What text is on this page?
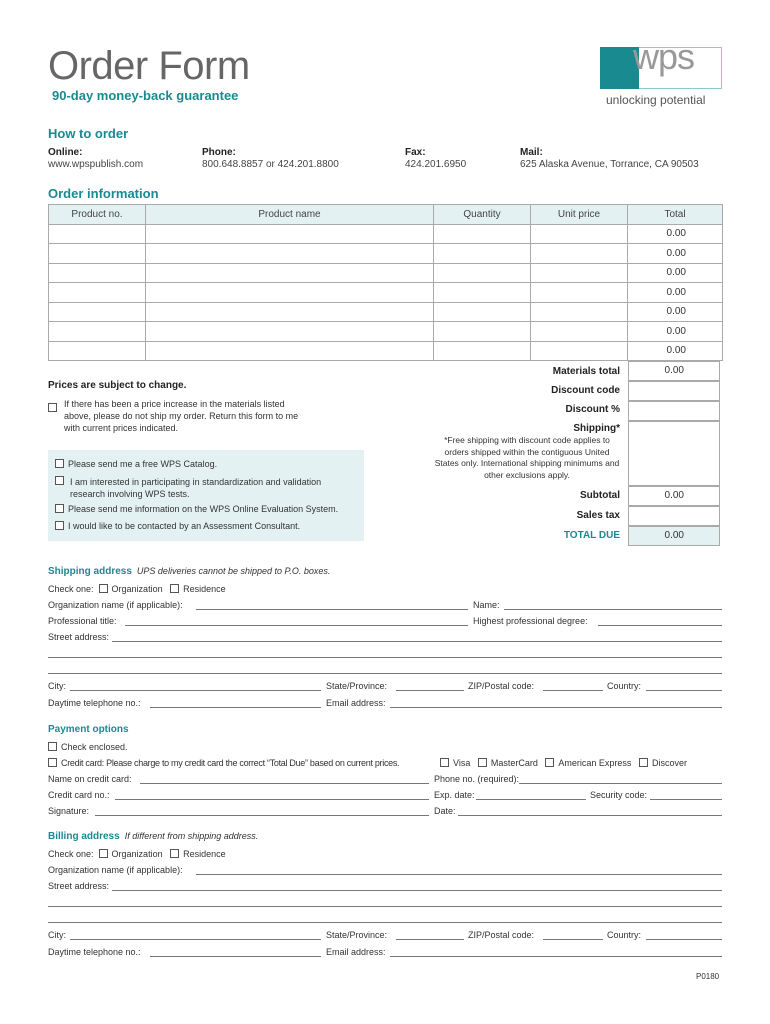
Order Form
90-day money-back guarantee
wps
unlocking potential
How to order
Online:
www.wpspublish.com
Phone:
800.648.8857 or 424.201.8800
Fax:
424.201.6950
Mail:
625 Alaska Avenue, Torrance, CA 90503
Order information
Product no.	Product name	Quantity	Unit price	Total
				0.00
				0.00
				0.00
				0.00
				0.00
				0.00
				0.00
Materials total	0.00
Discount code
Discount %
Shipping*
*Free shipping with discount code applies to orders shipped within the contiguous United States only. International shipping minimums and other exclusions apply.
Subtotal	0.00
Sales tax
TOTAL DUE	0.00
Prices are subject to change.
If there has been a price increase in the materials listed above, please do not ship my order. Return this form to me with current prices indicated.
Please send me a free WPS Catalog.
I am interested in participating in standardization and validation research involving WPS tests.
Please send me information on the WPS Online Evaluation System.
I would like to be contacted by an Assessment Consultant.
Shipping address UPS deliveries cannot be shipped to P.O. boxes.
Check one: Organization Residence
Organization name (if applicable):	Name:
Professional title:	Highest professional degree:
Street address:
City:	State/Province:	ZIP/Postal code:	Country:
Daytime telephone no.:	Email address:
Payment options
Check enclosed.
Credit card: Please charge to my credit card the correct “Total Due” based on current prices.	Visa MasterCard American Express Discover
Name on credit card:	Phone no. (required):
Credit card no.:	Exp. date:	Security code:
Signature:	Date:
Billing address If different from shipping address.
Check one: Organization Residence
Organization name (if applicable):
Street address:
City:	State/Province:	ZIP/Postal code:	Country:
Daytime telephone no.:	Email address:
P0180
